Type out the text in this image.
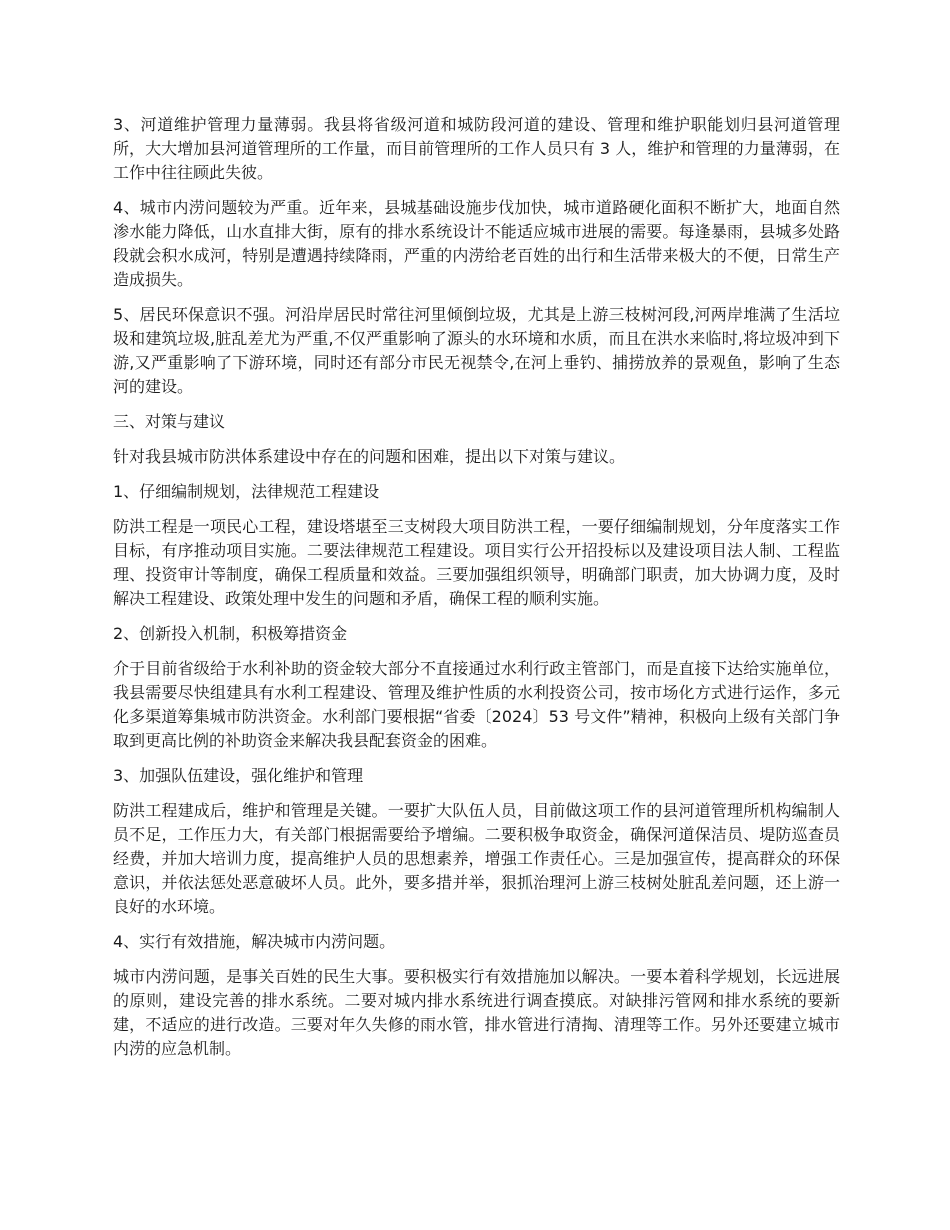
3、河道维护管理力量薄弱。我县将省级河道和城防段河道的建设、管理和维护职能划归县河道管理所，大大增加县河道管理所的工作量，而目前管理所的工作人员只有 3 人，维护和管理的力量薄弱，在工作中往往顾此失彼。

4、城市内涝问题较为严重。近年来，县城基础设施步伐加快，城市道路硬化面积不断扩大，地面自然渗水能力降低，山水直排大街，原有的排水系统设计不能适应城市进展的需要。每逢暴雨，县城多处路段就会积水成河，特别是遭遇持续降雨，严重的内涝给老百姓的出行和生活带来极大的不便，日常生产造成损失。

5、居民环保意识不强。河沿岸居民时常往河里倾倒垃圾，尤其是上游三枝树河段,河两岸堆满了生活垃圾和建筑垃圾,脏乱差尤为严重,不仅严重影响了源头的水环境和水质，而且在洪水来临时,将垃圾冲到下游,又严重影响了下游环境，同时还有部分市民无视禁令,在河上垂钓、捕捞放养的景观鱼，影响了生态河的建设。

三、对策与建议

针对我县城市防洪体系建设中存在的问题和困难，提出以下对策与建议。

1、仔细编制规划，法律规范工程建设

防洪工程是一项民心工程，建设塔堪至三支树段大项目防洪工程，一要仔细编制规划，分年度落实工作目标，有序推动项目实施。二要法律规范工程建设。项目实行公开招投标以及建设项目法人制、工程监理、投资审计等制度，确保工程质量和效益。三要加强组织领导，明确部门职责，加大协调力度，及时解决工程建设、政策处理中发生的问题和矛盾，确保工程的顺利实施。

2、创新投入机制，积极筹措资金

介于目前省级给于水利补助的资金较大部分不直接通过水利行政主管部门，而是直接下达给实施单位，我县需要尽快组建具有水利工程建设、管理及维护性质的水利投资公司，按市场化方式进行运作，多元化多渠道筹集城市防洪资金。水利部门要根据“省委〔2024〕53 号文件”精神，积极向上级有关部门争取到更高比例的补助资金来解决我县配套资金的困难。

3、加强队伍建设，强化维护和管理

防洪工程建成后，维护和管理是关键。一要扩大队伍人员，目前做这项工作的县河道管理所机构编制人员不足，工作压力大，有关部门根据需要给予增编。二要积极争取资金，确保河道保洁员、堤防巡查员经费，并加大培训力度，提高维护人员的思想素养，增强工作责任心。三是加强宣传，提高群众的环保意识，并依法惩处恶意破坏人员。此外，要多措并举，狠抓治理河上游三枝树处脏乱差问题，还上游一良好的水环境。

4、实行有效措施，解决城市内涝问题。

城市内涝问题，是事关百姓的民生大事。要积极实行有效措施加以解决。一要本着科学规划，长远进展的原则，建设完善的排水系统。二要对城内排水系统进行调查摸底。对缺排污管网和排水系统的要新建，不适应的进行改造。三要对年久失修的雨水管，排水管进行清掏、清理等工作。另外还要建立城市内涝的应急机制。
